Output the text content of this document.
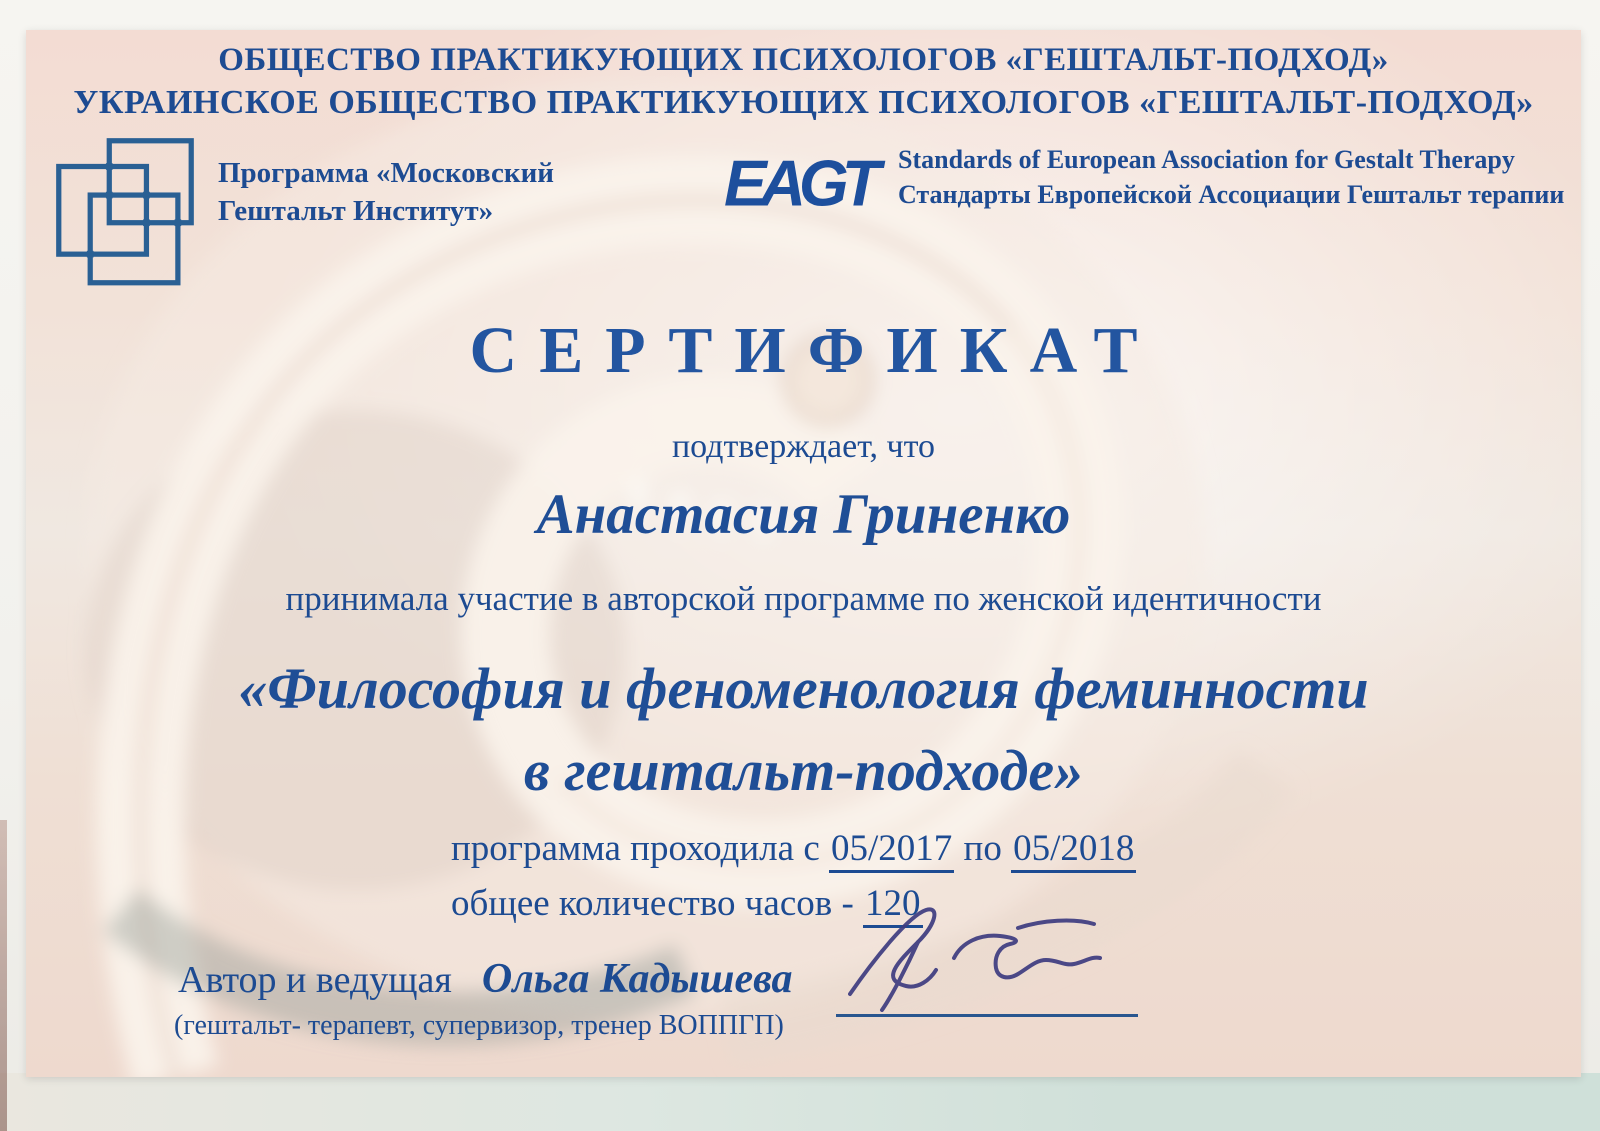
ОБЩЕСТВО ПРАКТИКУЮЩИХ ПСИХОЛОГОВ «ГЕШТАЛЬТ-ПОДХОД»
УКРАИНСКОЕ ОБЩЕСТВО ПРАКТИКУЮЩИХ ПСИХОЛОГОВ «ГЕШТАЛЬТ-ПОДХОД»
Программа «Московский
Гештальт Институт»	EAGT Standards of European Association for Gestalt Therapy
Стандарты Европейской Ассоциации Гештальт терапии
СЕРТИФИКАТ
подтверждает, что
Анастасия Гриненко
принимала участие в авторской программе по женской идентичности
«Философия и феноменология феминности
в гештальт-подходе»
программа проходила с 05/2017 по 05/2018
общее количество часов - 120
Автор и ведущая Ольга Кадышева
(гештальт- терапевт, супервизор, тренер ВОППГП)
